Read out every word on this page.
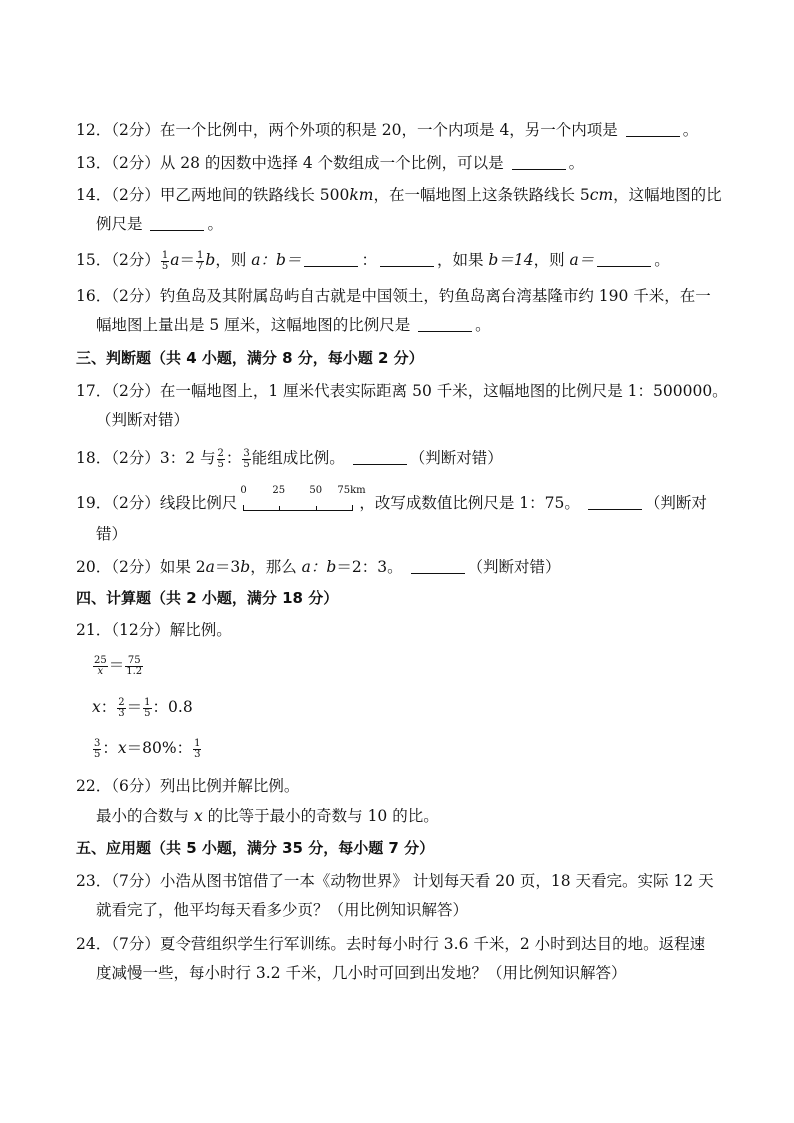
12．（2分）在一个比例中，两个外项的积是 20，一个内项是 4，另一个内项是	。
13．（2分）从 28 的因数中选择 4 个数组成一个比例，可以是	。
14．（2分）甲乙两地间的铁路线长 500km，在一幅地图上这条铁路线长 5cm，这幅地图的比
例尺是	。
15．（2分） $\frac{1}{5} a= \frac{1}{7}$ b，则 a：b＝	：	，如果 b＝14，则 a＝	。
16．（2分）钓鱼岛及其附属岛屿自古就是中国领土，钓鱼岛离台湾基隆市约 190 千米，在一
幅地图上量出是 5 厘米，这幅地图的比例尺是	。
三、判断题（共 4 小题，满分 8 分，每小题 2 分）
17．（2分）在一幅地图上，1 厘米代表实际距离 50 千米，这幅地图的比例尺是 1：500000。
（判断对错）
18．（2分）3：2 与 $\frac{2}{5}$ ： $\frac{3}{5}$ 能组成比例。	（判断对错）
19．（2分）线段比例尺
0	25 50 75km
，改写成数值比例尺是 1：75。	（判断对
错）
20．（2分）如果 2a＝3b，那么 a：b＝2：3。	（判断对错）
四、计算题（共 2 小题，满分 18 分）
21．（12分）解比例。
$\frac{25}{x} = \frac{75}{1.2}$
x： $\frac{2}{3} = \frac{1}{5}$ ：0.8
$\frac{3}{5}$ ：x＝80%： $\frac{1}{3}$
22．（6分）列出比例并解比例。
最小的合数与 x 的比等于最小的奇数与 10 的比。
五、应用题（共 5 小题，满分 35 分，每小题 7 分）
23．（7分）小浩从图书馆借了一本《动物世界》 计划每天看 20 页，18 天看完。实际 12 天
就看完了，他平均每天看多少页？（用比例知识解答）
24．（7分）夏令营组织学生行军训练。去时每小时行 3.6 千米，2 小时到达目的地。返程速
度减慢一些，每小时行 3.2 千米，几小时可回到出发地？（用比例知识解答）
